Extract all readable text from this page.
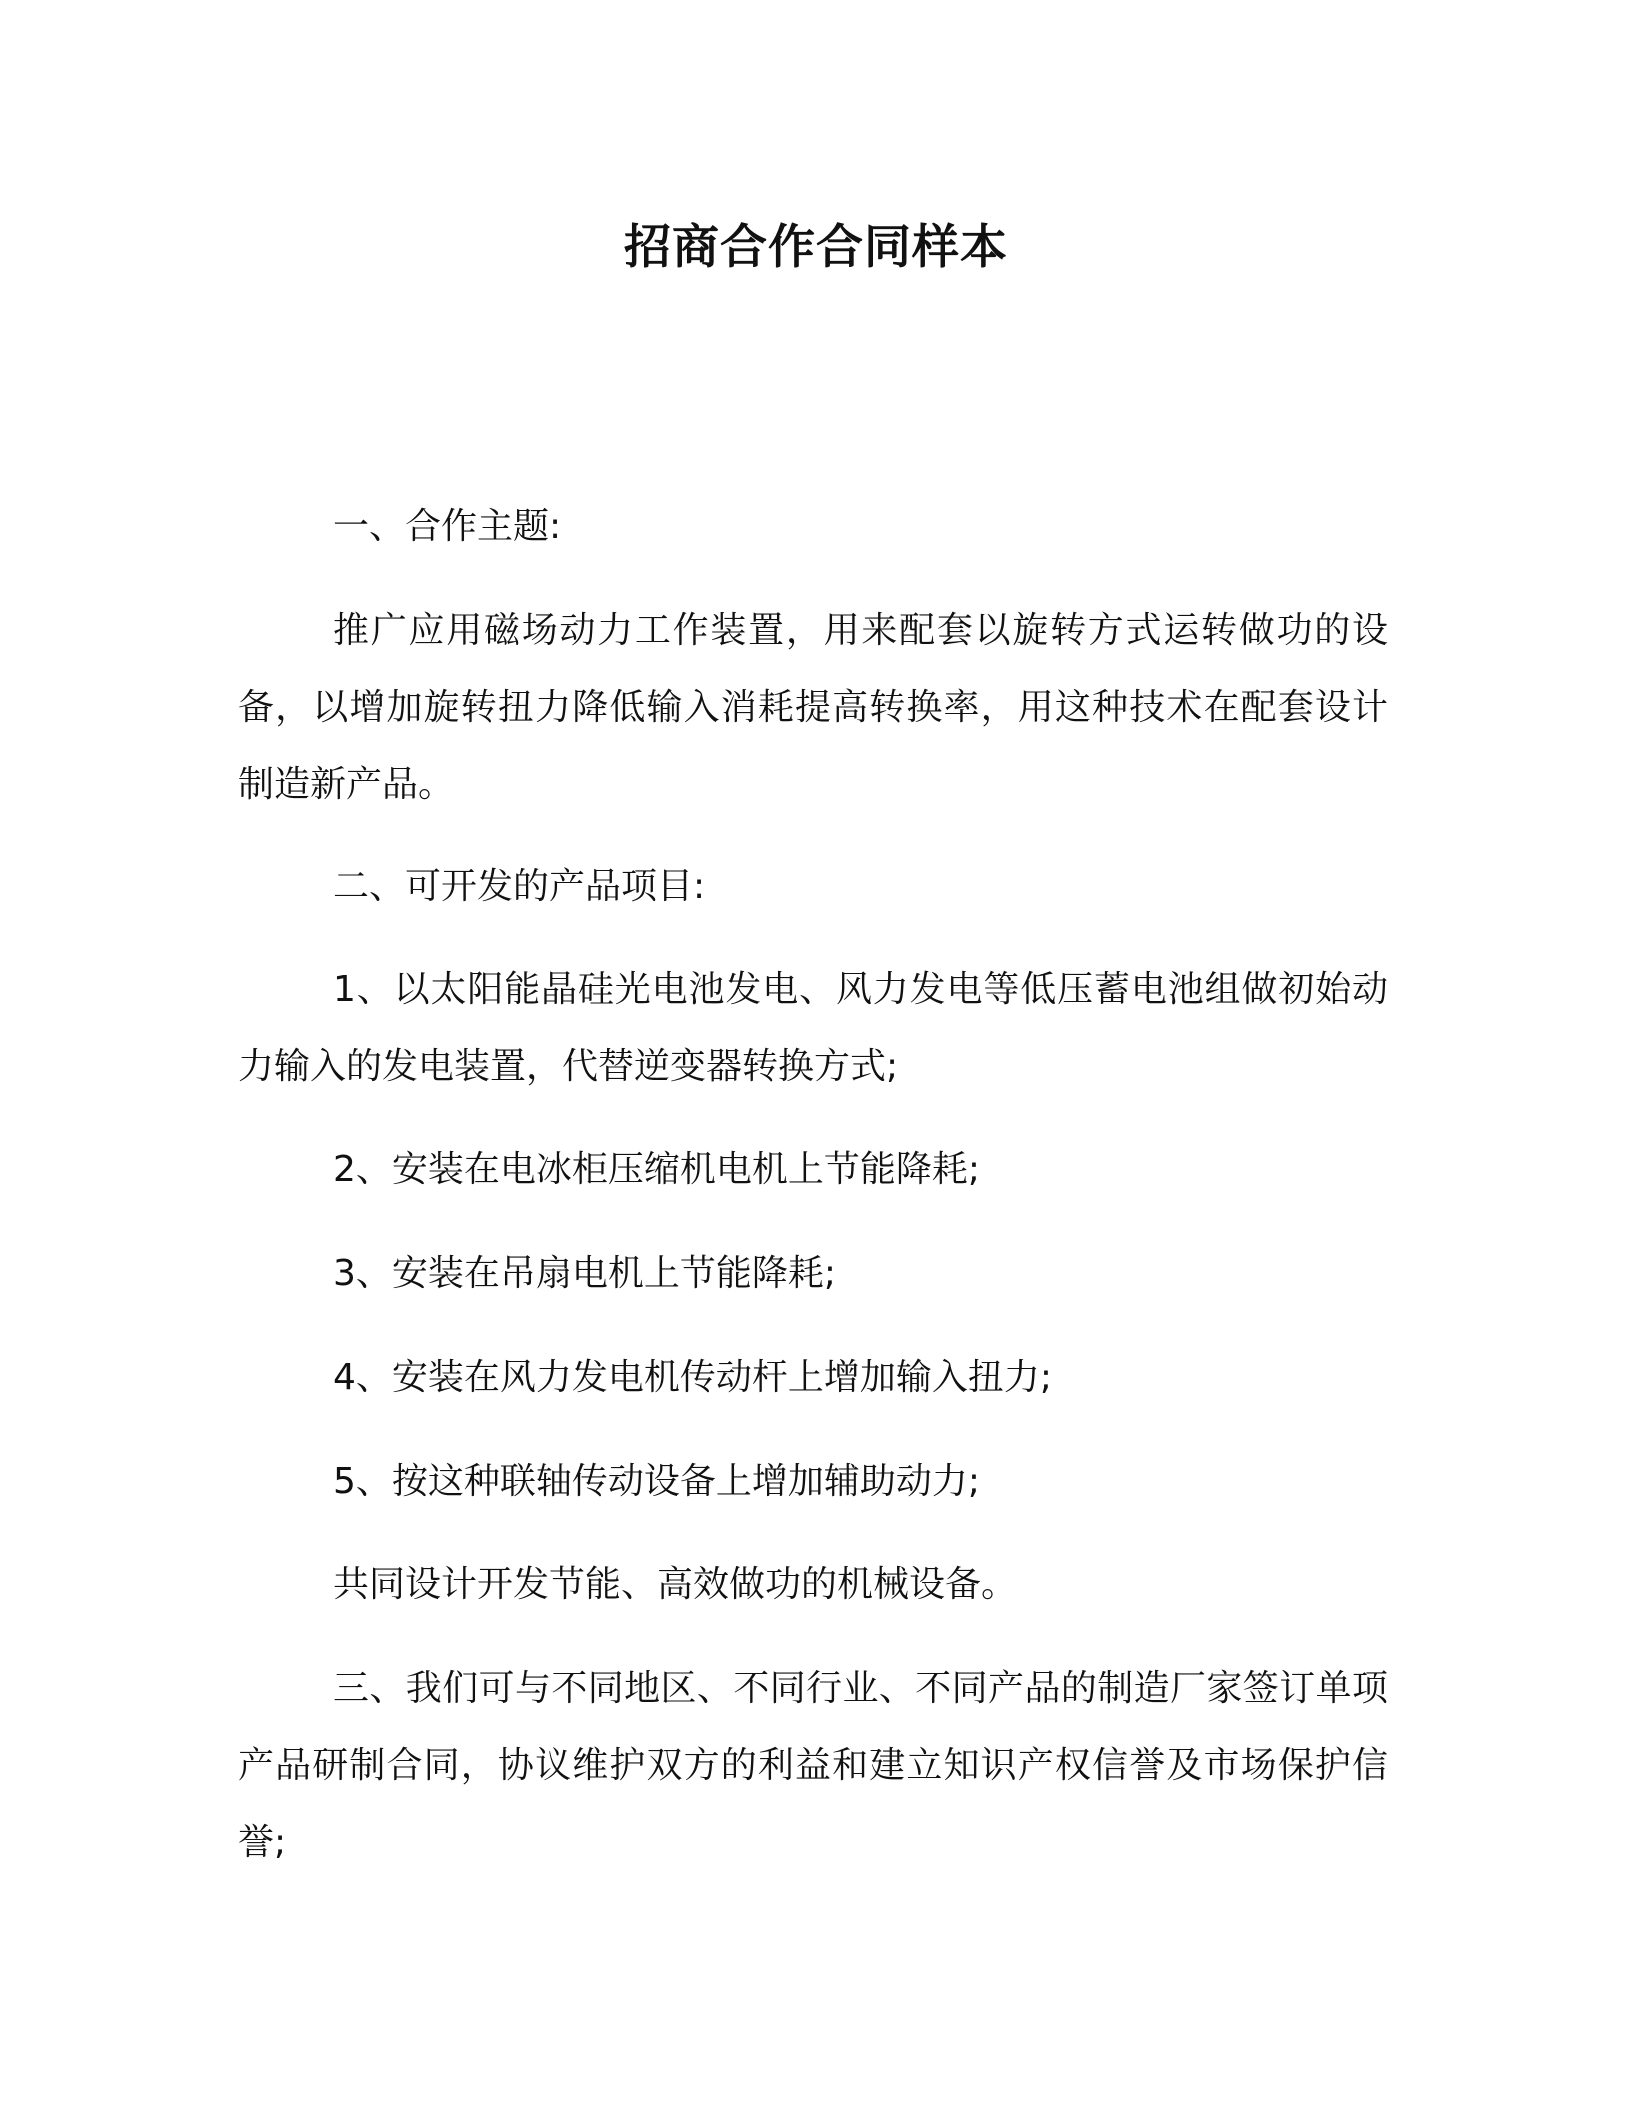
招商合作合同样本

一、合作主题:

推广应用磁场动力工作装置，用来配套以旋转方式运转做功的设备，以增加旋转扭力降低输入消耗提高转换率，用这种技术在配套设计制造新产品。

二、可开发的产品项目:

1、以太阳能晶硅光电池发电、风力发电等低压蓄电池组做初始动力输入的发电装置，代替逆变器转换方式;

2、安装在电冰柜压缩机电机上节能降耗;

3、安装在吊扇电机上节能降耗;

4、安装在风力发电机传动杆上增加输入扭力;

5、按这种联轴传动设备上增加辅助动力;

共同设计开发节能、高效做功的机械设备。

三、我们可与不同地区、不同行业、不同产品的制造厂家签订单项产品研制合同，协议维护双方的利益和建立知识产权信誉及市场保护信誉;
